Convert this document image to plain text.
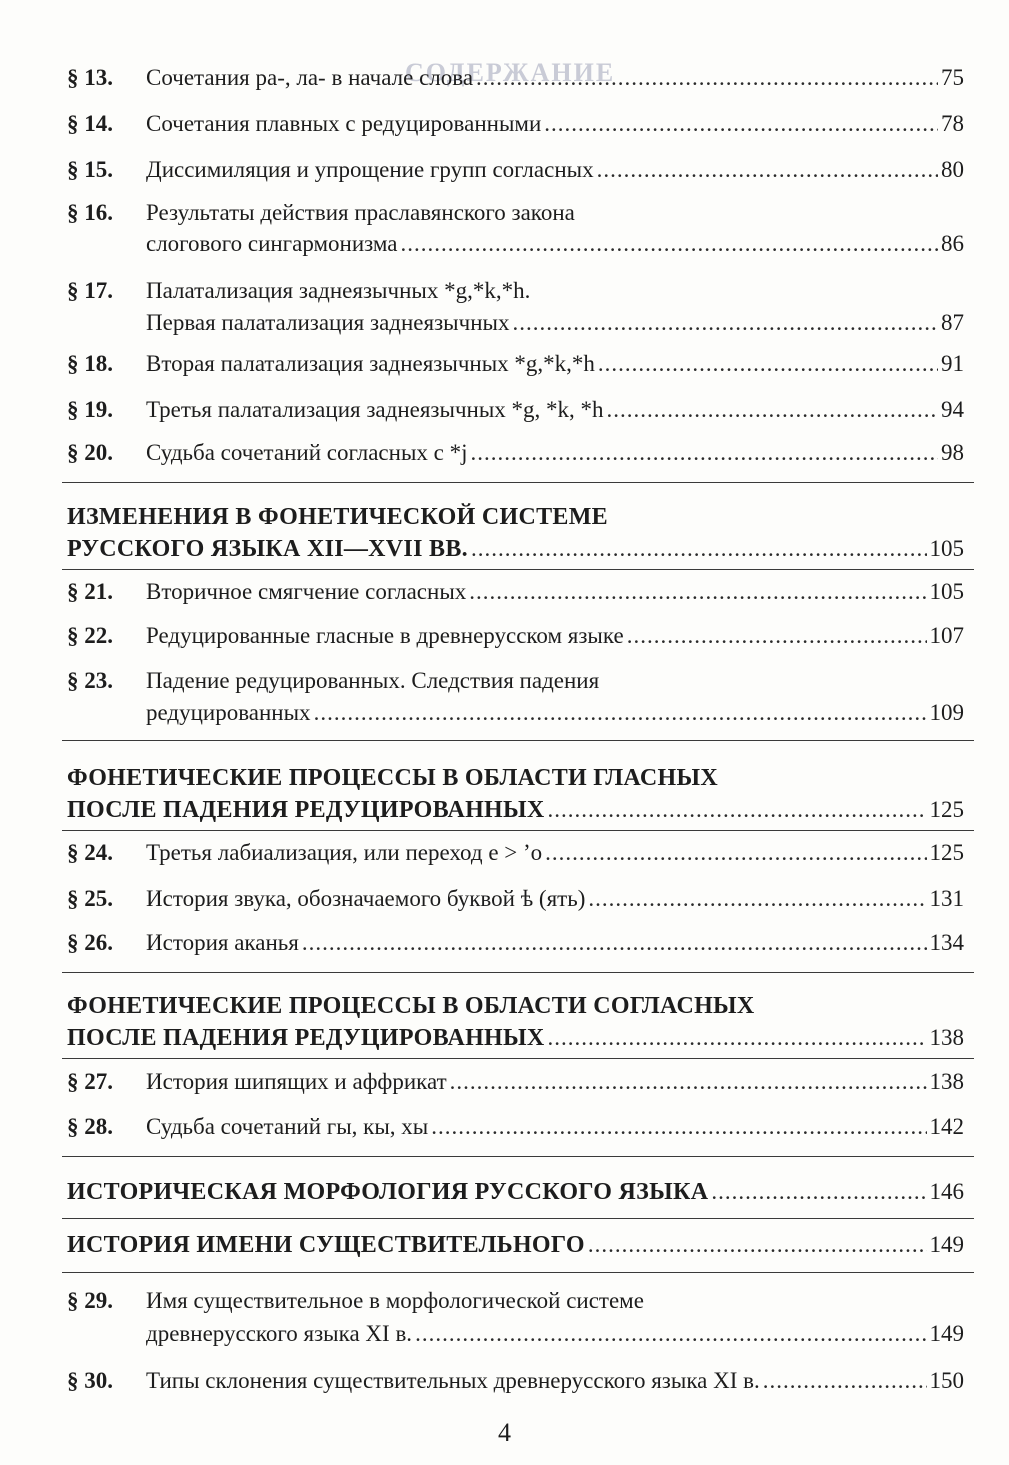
СОДЕРЖАНИЕ
§ 13. Сочетания ра-, ла- в начале слова .....	75
§ 14. Сочетания плавных с редуцированными .....	78
§ 15. Диссимиляция и упрощение групп согласных .....	80
§ 16. Результаты действия праславянского закона
слогового сингармонизма .....	86
§ 17. Палатализация заднеязычных *g,*k,*h.
Первая палатализация заднеязычных .....	87
§ 18. Вторая палатализация заднеязычных *g,*k,*h .....	91
§ 19. Третья палатализация заднеязычных *g, *k, *h .....	94
§ 20. Судьба сочетаний согласных с *j .....	98
ИЗМЕНЕНИЯ В ФОНЕТИЧЕСКОЙ СИСТЕМЕ
РУССКОГО ЯЗЫКА XII—XVII ВВ. .....	105
§ 21. Вторичное смягчение согласных .....	105
§ 22. Редуцированные гласные в древнерусском языке .....	107
§ 23. Падение редуцированных. Следствия падения
редуцированных .....	109
ФОНЕТИЧЕСКИЕ ПРОЦЕССЫ В ОБЛАСТИ ГЛАСНЫХ
ПОСЛЕ ПАДЕНИЯ РЕДУЦИРОВАННЫХ .....	125
§ 24. Третья лабиализация, или переход е > ’о .....	125
§ 25. История звука, обозначаемого буквой ѣ (ять) .....	131
§ 26. История аканья .....	134
ФОНЕТИЧЕСКИЕ ПРОЦЕССЫ В ОБЛАСТИ СОГЛАСНЫХ
ПОСЛЕ ПАДЕНИЯ РЕДУЦИРОВАННЫХ .....	138
§ 27. История шипящих и аффрикат .....	138
§ 28. Судьба сочетаний гы, кы, хы .....	142
ИСТОРИЧЕСКАЯ МОРФОЛОГИЯ РУССКОГО ЯЗЫКА .....	146
ИСТОРИЯ ИМЕНИ СУЩЕСТВИТЕЛЬНОГО .....	149
§ 29. Имя существительное в морфологической системе
древнерусского языка XI в. .....	149
§ 30. Типы склонения существительных древнерусского языка XI в. .....	150
4
